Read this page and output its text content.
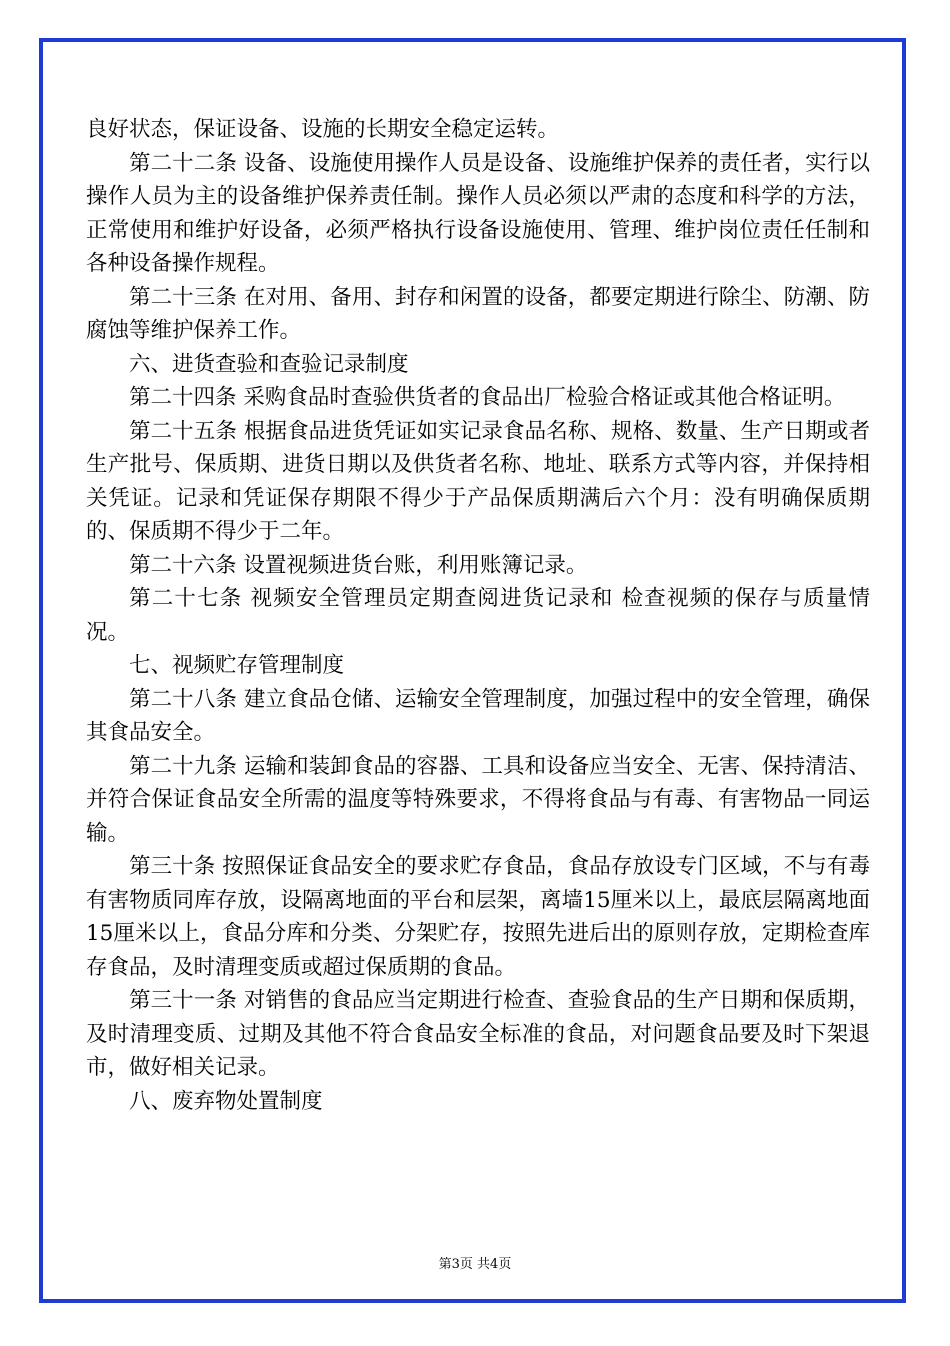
良好状态，保证设备、设施的长期安全稳定运转。

第二十二条 设备、设施使用操作人员是设备、设施维护保养的责任者，实行以操作人员为主的设备维护保养责任制。操作人员必须以严肃的态度和科学的方法，正常使用和维护好设备，必须严格执行设备设施使用、管理、维护岗位责任任制和各种设备操作规程。

第二十三条 在对用、备用、封存和闲置的设备，都要定期进行除尘、防潮、防腐蚀等维护保养工作。

六、进货查验和查验记录制度

第二十四条 采购食品时查验供货者的食品出厂检验合格证或其他合格证明。

第二十五条 根据食品进货凭证如实记录食品名称、规格、数量、生产日期或者生产批号、保质期、进货日期以及供货者名称、地址、联系方式等内容，并保持相关凭证。记录和凭证保存期限不得少于产品保质期满后六个月：没有明确保质期的、保质期不得少于二年。

第二十六条 设置视频进货台账，利用账簿记录。

第二十七条 视频安全管理员定期查阅进货记录和 检查视频的保存与质量情况。

七、视频贮存管理制度

第二十八条 建立食品仓储、运输安全管理制度，加强过程中的安全管理，确保其食品安全。

第二十九条 运输和装卸食品的容器、工具和设备应当安全、无害、保持清洁、并符合保证食品安全所需的温度等特殊要求，不得将食品与有毒、有害物品一同运输。

第三十条 按照保证食品安全的要求贮存食品，食品存放设专门区域，不与有毒有害物质同库存放，设隔离地面的平台和层架，离墙15厘米以上，最底层隔离地面15厘米以上，食品分库和分类、分架贮存，按照先进后出的原则存放，定期检查库存食品，及时清理变质或超过保质期的食品。

第三十一条 对销售的食品应当定期进行检查、查验食品的生产日期和保质期，及时清理变质、过期及其他不符合食品安全标准的食品，对问题食品要及时下架退市，做好相关记录。

八、废弃物处置制度

第3页 共4页
